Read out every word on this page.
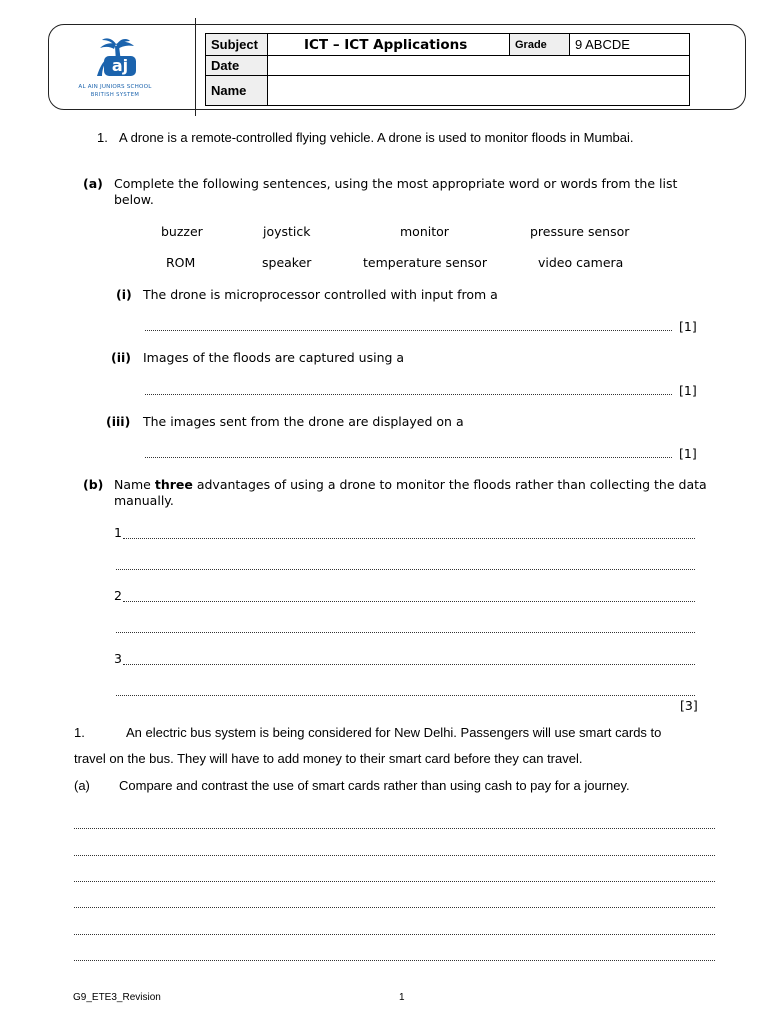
aj
AL AIN JUNIORS SCHOOL
BRITISH SYSTEM
Subject	ICT – ICT Applications	Grade	9 ABCDE
Date			
Name			
1. A drone is a remote-controlled flying vehicle. A drone is used to monitor floods in Mumbai.
(a) Complete the following sentences, using the most appropriate word or words from the list
below.
buzzer	joystick	monitor	pressure sensor
ROM	speaker	temperature sensor	video camera
(i) The drone is microprocessor controlled with input from a
[1]
(ii) Images of the floods are captured using a
[1]
(iii) The images sent from the drone are displayed on a
[1]
(b) Name three advantages of using a drone to monitor the floods rather than collecting the data
manually.
1
2
3
[3]
1.	An electric bus system is being considered for New Delhi. Passengers will use smart cards to
travel on the bus. They will have to add money to their smart card before they can travel.
(a) Compare and contrast the use of smart cards rather than using cash to pay for a journey.
G9_ETE3_Revision	1
